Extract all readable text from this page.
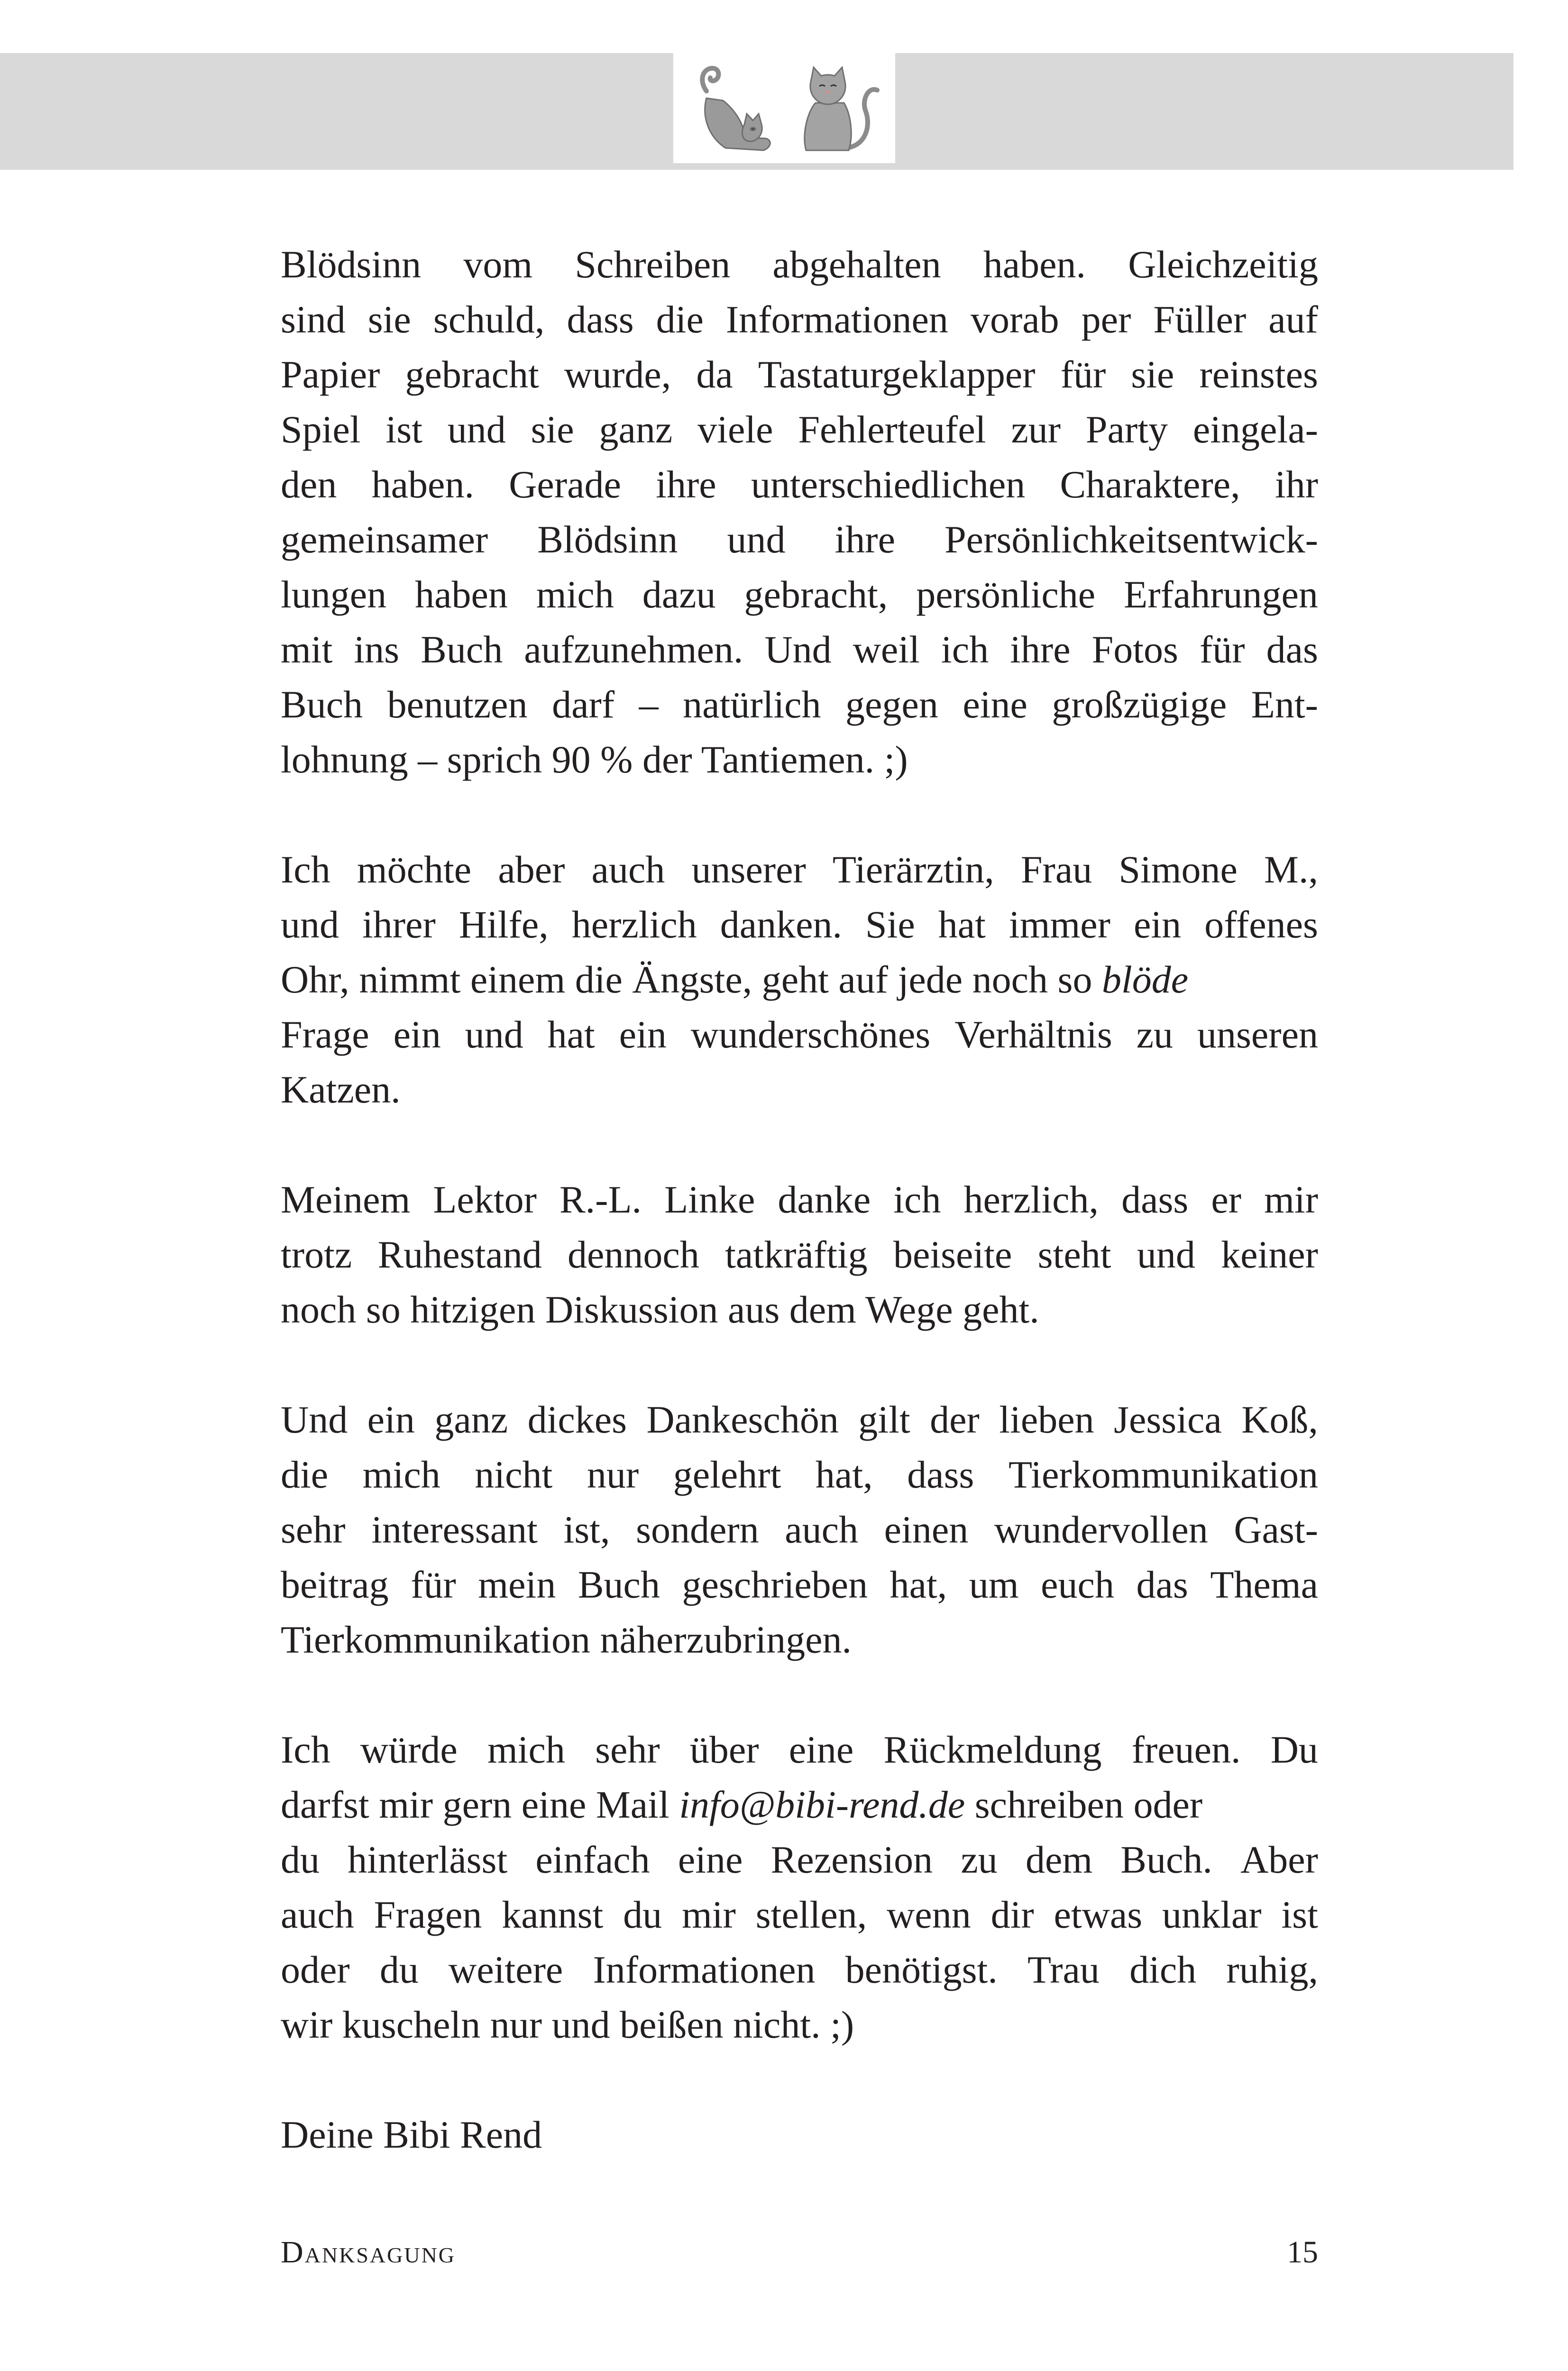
Blödsinn vom Schreiben abgehalten haben. Gleichzeitig
sind sie schuld, dass die Informationen vorab per Füller auf
Papier gebracht wurde, da Tastaturgeklapper für sie reinstes
Spiel ist und sie ganz viele Fehlerteufel zur Party eingela-
den haben. Gerade ihre unterschiedlichen Charaktere, ihr
gemeinsamer Blödsinn und ihre Persönlichkeitsentwick-
lungen haben mich dazu gebracht, persönliche Erfahrungen
mit ins Buch aufzunehmen. Und weil ich ihre Fotos für das
Buch benutzen darf – natürlich gegen eine großzügige Ent-
lohnung – sprich 90 % der Tantiemen. ;)
Ich möchte aber auch unserer Tierärztin, Frau Simone M.,
und ihrer Hilfe, herzlich danken. Sie hat immer ein offenes
Ohr, nimmt einem die Ängste, geht auf jede noch so blöde
Frage ein und hat ein wunderschönes Verhältnis zu unseren
Katzen.
Meinem Lektor R.-L. Linke danke ich herzlich, dass er mir
trotz Ruhestand dennoch tatkräftig beiseite steht und keiner
noch so hitzigen Diskussion aus dem Wege geht.
Und ein ganz dickes Dankeschön gilt der lieben Jessica Koß,
die mich nicht nur gelehrt hat, dass Tierkommunikation
sehr interessant ist, sondern auch einen wundervollen Gast-
beitrag für mein Buch geschrieben hat, um euch das Thema
Tierkommunikation näherzubringen.
Ich würde mich sehr über eine Rückmeldung freuen. Du
darfst mir gern eine Mail info@bibi-rend.de schreiben oder
du hinterlässt einfach eine Rezension zu dem Buch. Aber
auch Fragen kannst du mir stellen, wenn dir etwas unklar ist
oder du weitere Informationen benötigst. Trau dich ruhig,
wir kuscheln nur und beißen nicht. ;)
Deine Bibi Rend
Danksagung	15
